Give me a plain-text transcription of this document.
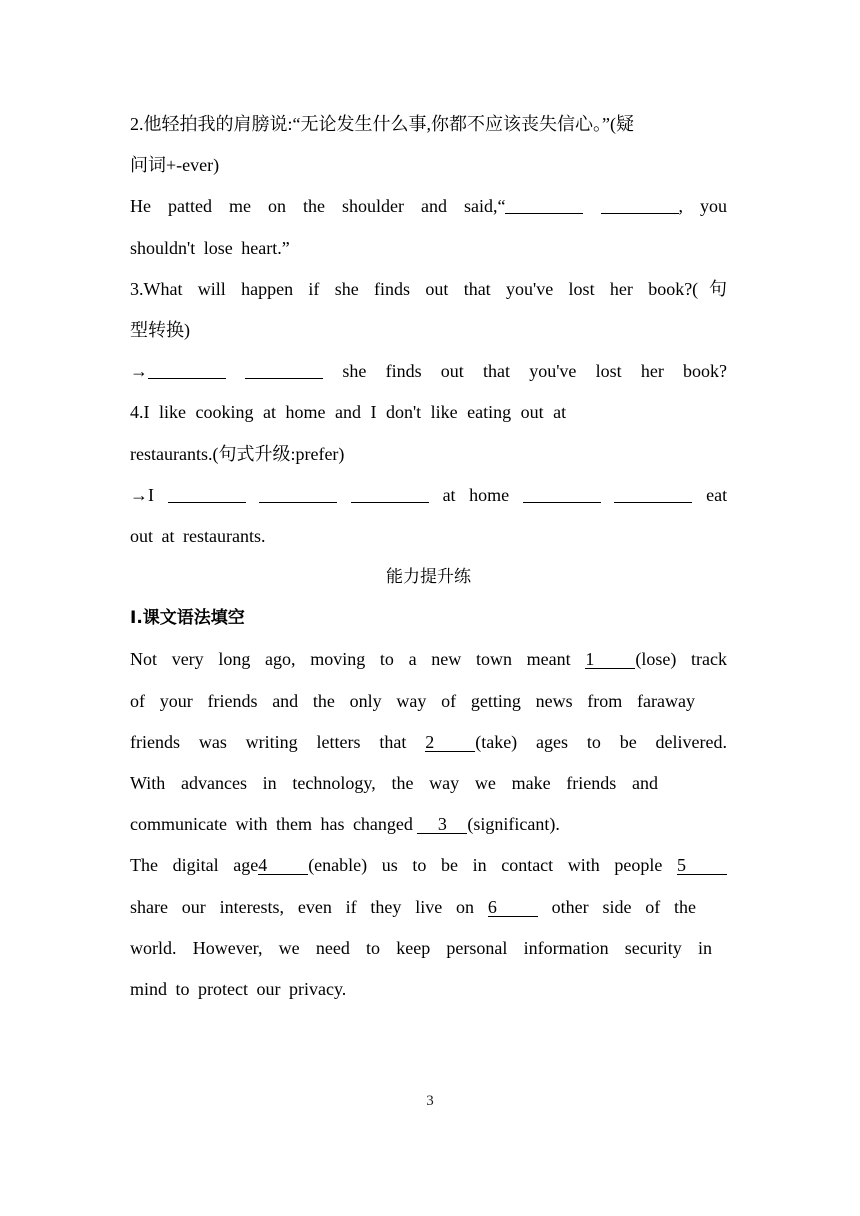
2.他轻拍我的肩膀说:“无论发生什么事,你都不应该丧失信心。”(疑
问词+-ever)
He patted me on the shoulder and said,“	, you
shouldn't lose heart.”
3.What will happen if she finds out that you've lost her book?(句
型转换)
→	she finds out that you've lost her book?
4.I like cooking at home and I don't like eating out at
restaurants.(句式升级:prefer)
→I	at home	eat
out at restaurants.
能力提升练
Ⅰ.课文语法填空
Not very long ago, moving to a new town meant 1 (lose) track
of your friends and the only way of getting news from faraway
friends was writing letters that 2 (take) ages to be delivered.
With advances in technology, the way we make friends and
communicate with them has changed 3 (significant).
The digital age4 (enable) us to be in contact with people 5
share our interests, even if they live on 6	other side of the
world. However, we need to keep personal information security in
mind to protect our privacy.
3
